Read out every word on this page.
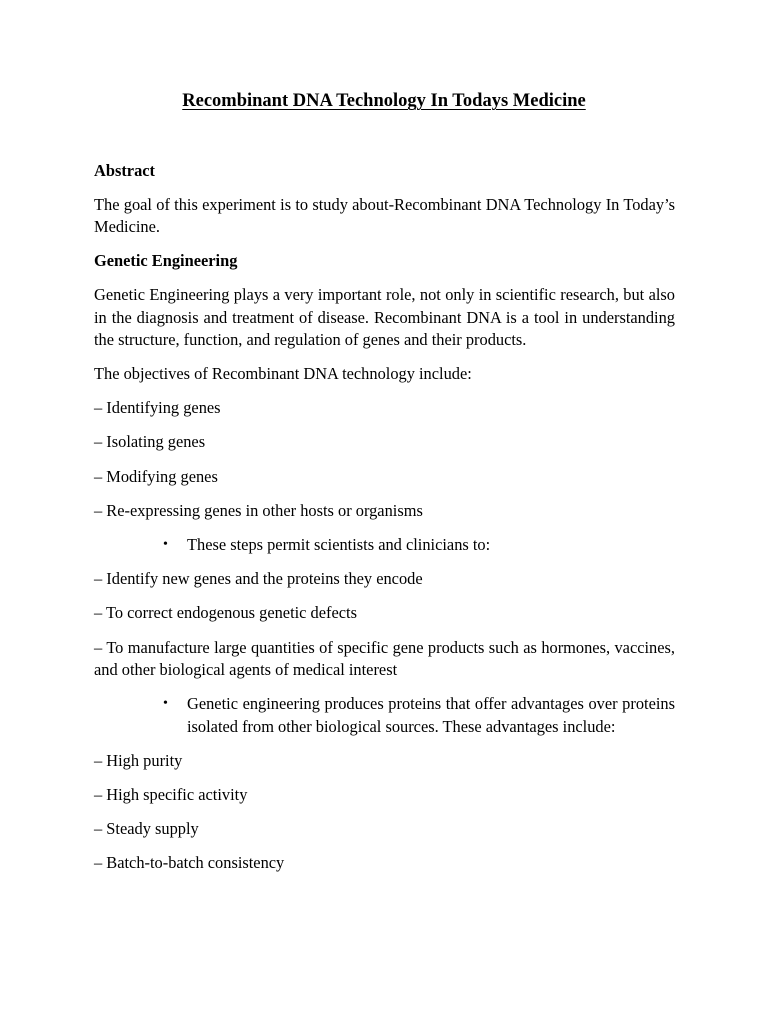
Recombinant DNA Technology In Todays Medicine

Abstract

The goal of this experiment is to study about-Recombinant DNA Technology In Today’s Medicine.

Genetic Engineering

Genetic Engineering plays a very important role, not only in scientific research, but also in the diagnosis and treatment of disease. Recombinant DNA is a tool in understanding the structure, function, and regulation of genes and their products.

The objectives of Recombinant DNA technology include:

– Identifying genes

– Isolating genes

– Modifying genes

– Re-expressing genes in other hosts or organisms

• These steps permit scientists and clinicians to:

– Identify new genes and the proteins they encode

– To correct endogenous genetic defects

– To manufacture large quantities of specific gene products such as hormones, vaccines, and other biological agents of medical interest

• Genetic engineering produces proteins that offer advantages over proteins isolated from other biological sources. These advantages include:

– High purity

– High specific activity

– Steady supply

– Batch-to-batch consistency
